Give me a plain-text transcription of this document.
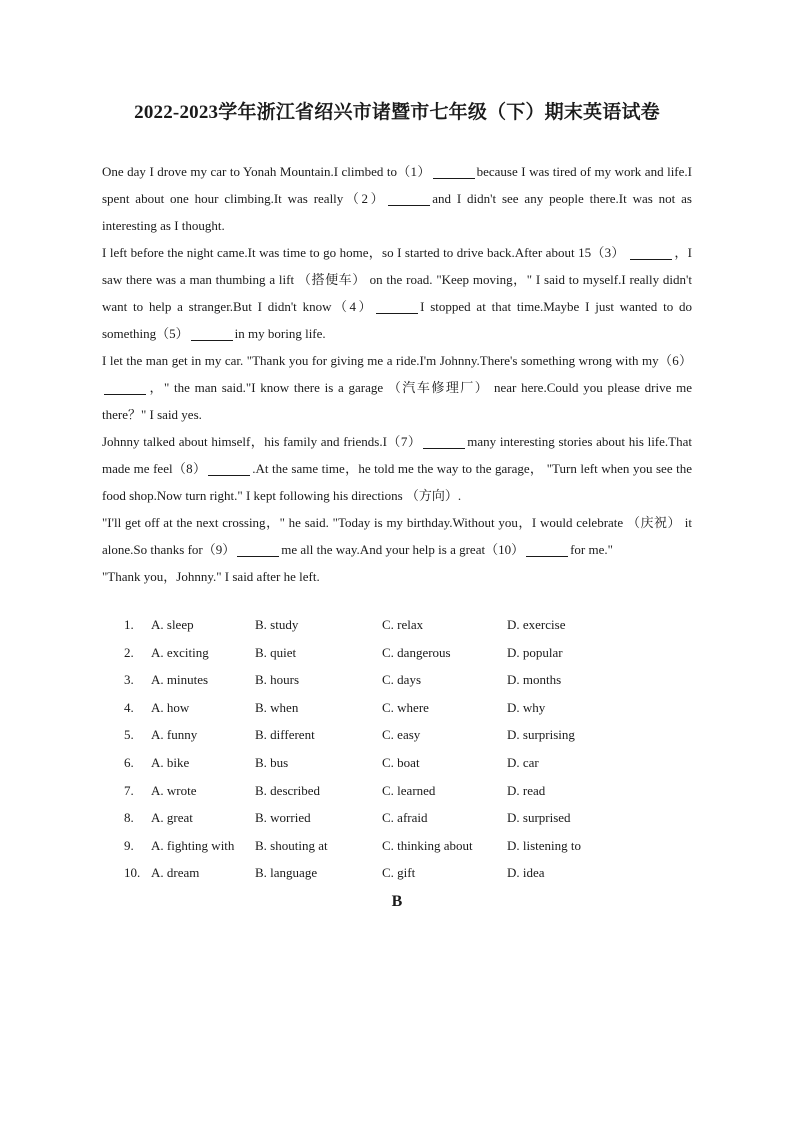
2022-2023学年浙江省绍兴市诸暨市七年级（下）期末英语试卷

One day I drove my car to Yonah Mountain.I climbed to（1）	because I was tired of my work and life.I spent about one hour climbing.It was really（2）	and I didn't see any people there.It was not as interesting as I thought.

I left before the night came.It was time to go home，so I started to drive back.After about 15（3）	，I saw there was a man thumbing a lift （搭便车） on the road. "Keep moving，" I said to myself.I really didn't want to help a stranger.But I didn't know（4）	I stopped at that time.Maybe I just wanted to do something（5）	in my boring life.

I let the man get in my car. "Thank you for giving me a ride.I'm Johnny.There's something wrong with my（6），" the man said."I know there is a garage （汽车修理厂） near here.Could you please drive me there？" I said yes.

Johnny talked about himself，his family and friends.I（7）	many interesting stories about his life.That made me feel（8）	.At the same time，he told me the way to the garage， "Turn left when you see the food shop.Now turn right." I kept following his directions （方向）.

"I'll get off at the next crossing，" he said. "Today is my birthday.Without you，I would celebrate （庆祝） it alone.So thanks for（9）	me all the way.And your help is a great（10）	for me."

"Thank you，Johnny." I said after he left.

1. A. sleep	B. study	C. relax	D. exercise
2. A. exciting	B. quiet	C. dangerous	D. popular
3. A. minutes	B. hours	C. days	D. months
4. A. how	B. when	C. where	D. why
5. A. funny	B. different	C. easy	D. surprising
6. A. bike	B. bus	C. boat	D. car
7. A. wrote	B. described	C. learned	D. read
8. A. great	B. worried	C. afraid	D. surprised
9. A. fighting with B. shouting at	C. thinking about	D. listening to
10. A. dream	B. language	C. gift	D. idea
B
